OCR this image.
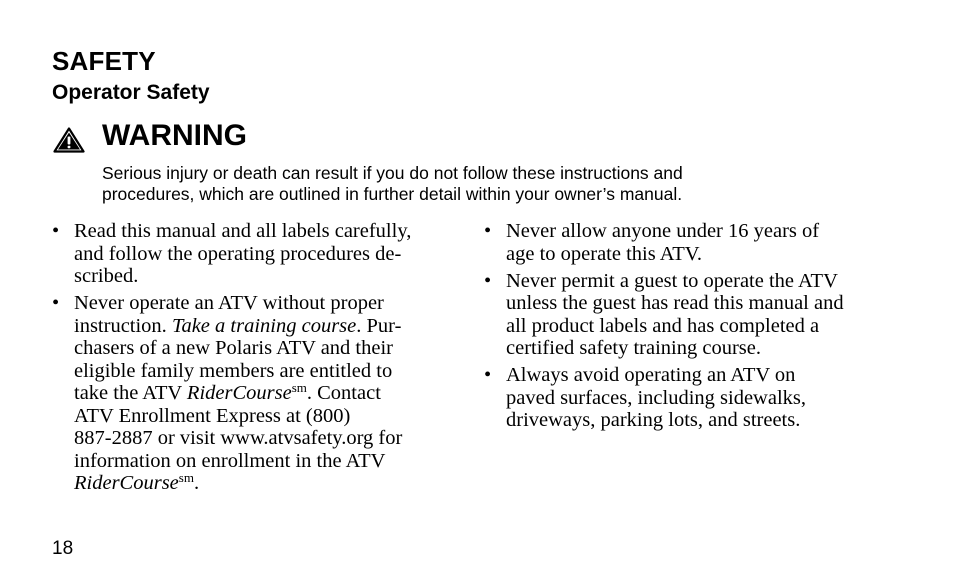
SAFETY
Operator Safety
WARNING
Serious injury or death can result if you do not follow these instructions and
procedures, which are outlined in further detail within your owner’s manual.
• Read this manual and all labels carefully,
and follow the operating procedures de-
scribed.
• Never operate an ATV without proper
instruction. Take a training course. Pur-
chasers of a new Polaris ATV and their
eligible family members are entitled to
take the ATV RiderCourse$^{sm}$. Contact
ATV Enrollment Express at (800)
887-2887 or visit www.atvsafety.org for
information on enrollment in the ATV
RiderCourse$^{sm}$.
• Never allow anyone under 16 years of
age to operate this ATV.
• Never permit a guest to operate the ATV
unless the guest has read this manual and
all product labels and has completed a
certified safety training course.
• Always avoid operating an ATV on
paved surfaces, including sidewalks,
driveways, parking lots, and streets.
18
